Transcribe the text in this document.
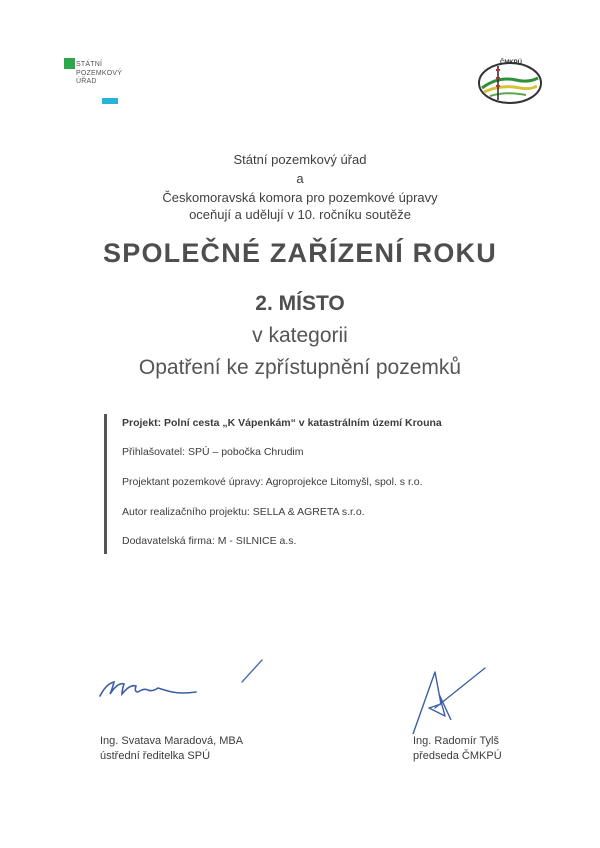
STÁTNÍ
POZEMKOVÝ
ÚŘAD
ČMKPÚ
Státní pozemkový úřad
a
Českomoravská komora pro pozemkové úpravy
oceňují a udělují v 10. ročníku soutěže
SPOLEČNÉ ZAŘÍZENÍ ROKU
2. MÍSTO
v kategorii
Opatření ke zpřístupnění pozemků
Projekt: Polní cesta „K Vápenkám“ v katastrálním území Krouna
Přihlašovatel: SPÚ – pobočka Chrudim
Projektant pozemkové úpravy: Agroprojekce Litomyšl, spol. s r.o.
Autor realizačního projektu: SELLA & AGRETA s.r.o.
Dodavatelská firma: M - SILNICE a.s.
Ing. Svatava Maradová, MBA
ústřední ředitelka SPÚ
Ing. Radomír Tylš
předseda ČMKPÚ
